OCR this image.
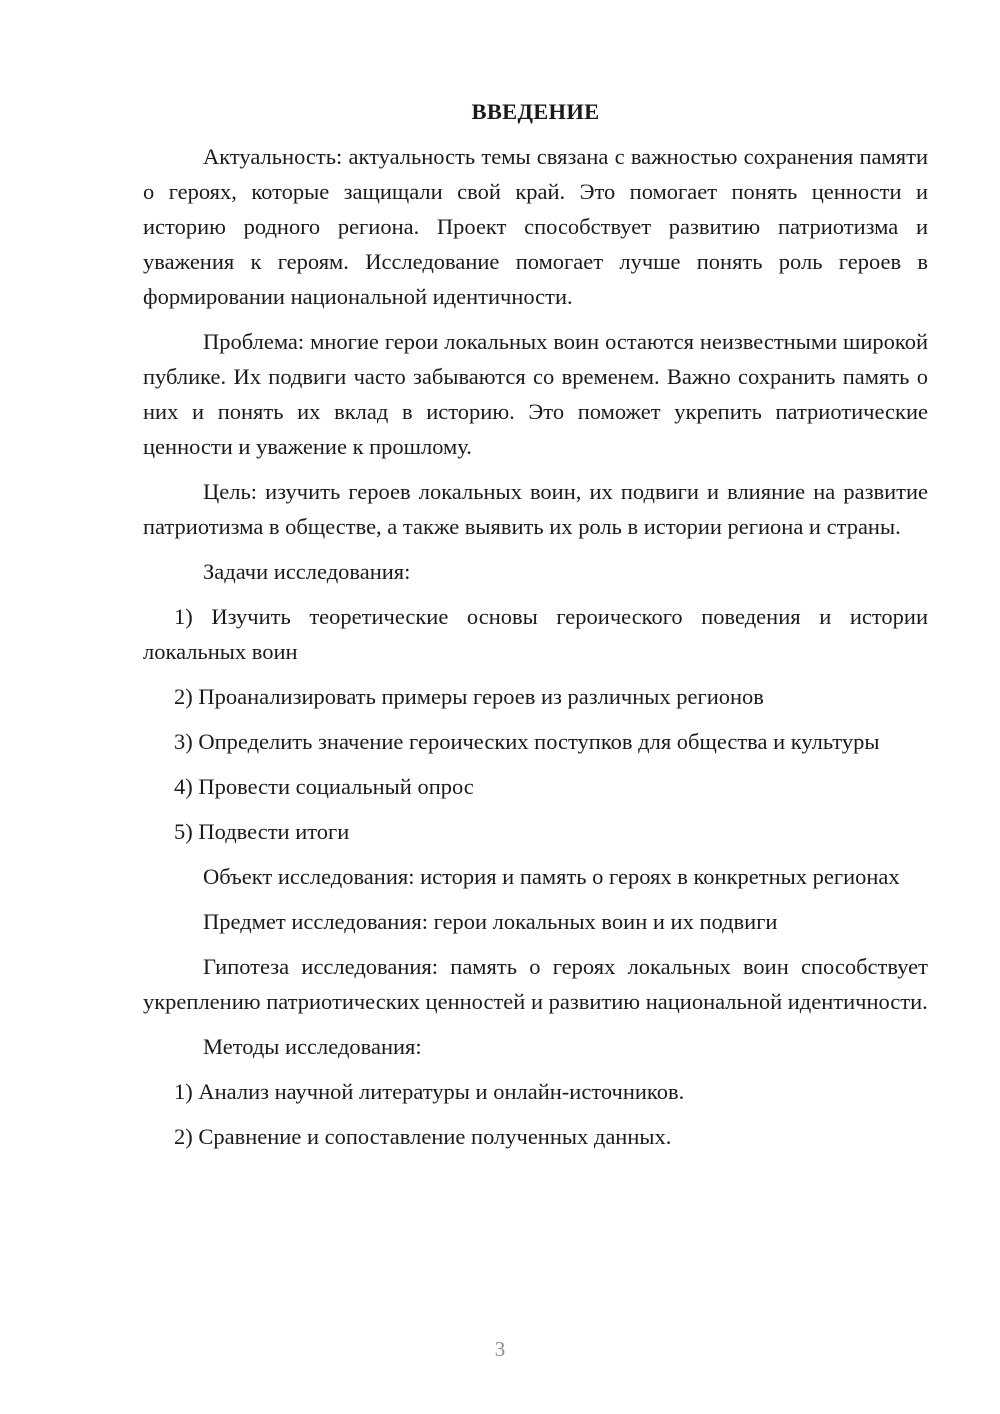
ВВЕДЕНИЕ

Актуальность: актуальность темы связана с важностью сохранения памяти о героях, которые защищали свой край. Это помогает понять ценности и историю родного региона. Проект способствует развитию патриотизма и уважения к героям. Исследование помогает лучше понять роль героев в формировании национальной идентичности.

Проблема: многие герои локальных воин остаются неизвестными широкой публике. Их подвиги часто забываются со временем. Важно сохранить память о них и понять их вклад в историю. Это поможет укрепить патриотические ценности и уважение к прошлому.

Цель: изучить героев локальных воин, их подвиги и влияние на развитие патриотизма в обществе, а также выявить их роль в истории региона и страны.

Задачи исследования:

1) Изучить теоретические основы героического поведения и истории локальных воин

2) Проанализировать примеры героев из различных регионов

3) Определить значение героических поступков для общества и культуры

4) Провести социальный опрос

5) Подвести итоги

Объект исследования: история и память о героях в конкретных регионах

Предмет исследования: герои локальных воин и их подвиги

Гипотеза исследования: память о героях локальных воин способствует укреплению патриотических ценностей и развитию национальной идентичности.

Методы исследования:

1) Анализ научной литературы и онлайн-источников.

2) Сравнение и сопоставление полученных данных.

3
